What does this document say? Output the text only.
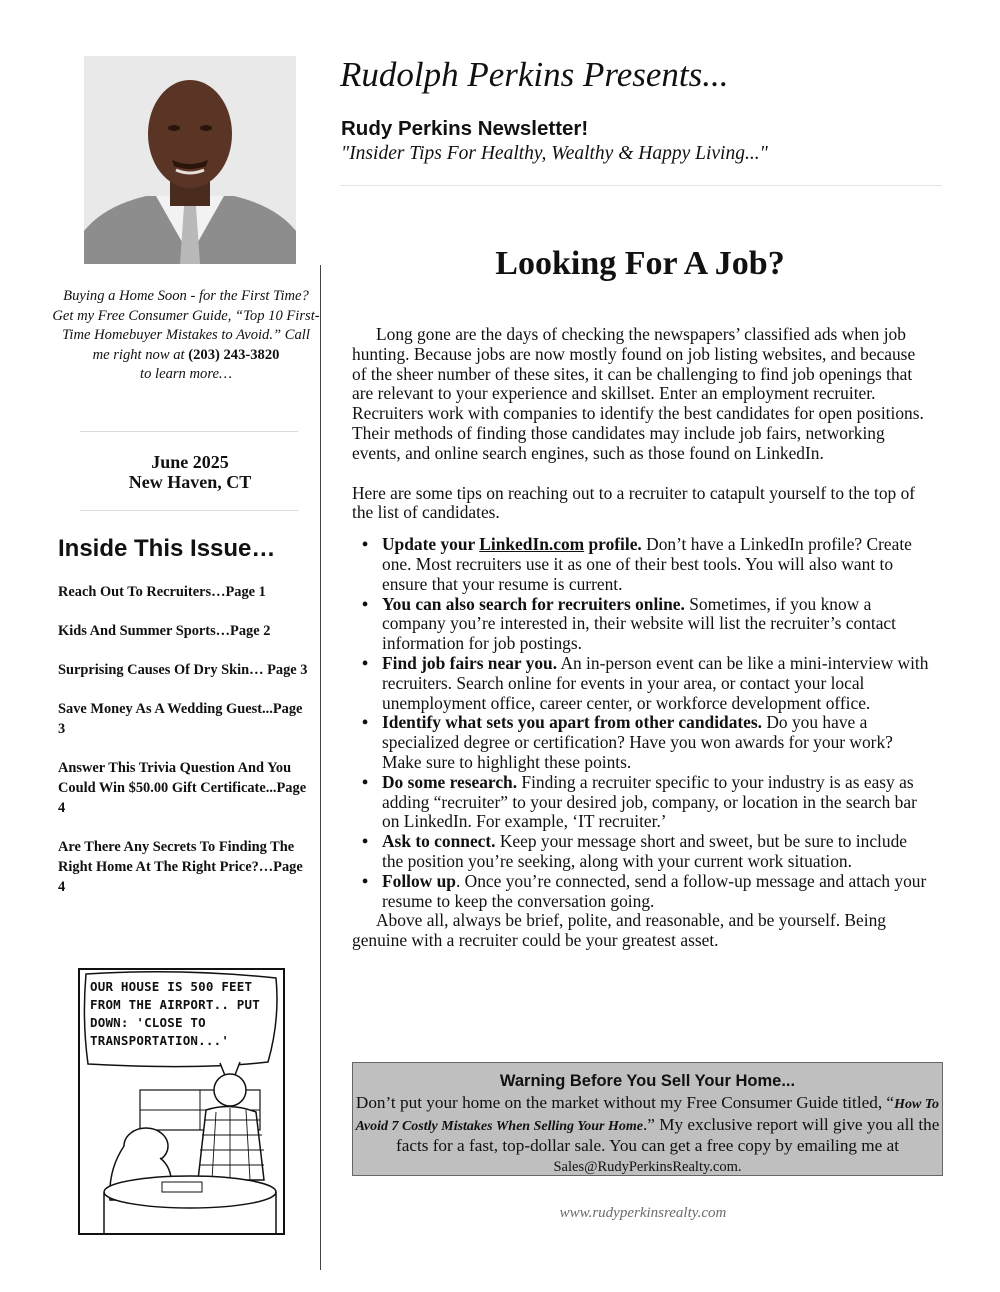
Buying a Home Soon - for the First Time? Get my Free Consumer Guide, “Top 10 First-Time Homebuyer Mistakes to Avoid.” Call me right now at (203) 243-3820
to learn more…
June 2025
New Haven, CT
Inside This Issue…
Reach Out To Recruiters…Page 1
Kids And Summer Sports…Page 2
Surprising Causes Of Dry Skin… Page 3
Save Money As A Wedding Guest...Page 3
Answer This Trivia Question And You Could Win $50.00 Gift Certificate...Page 4
Are There Any Secrets To Finding The Right Home At The Right Price?…Page 4
OUR HOUSE IS 500 FEET FROM THE AIRPORT.. PUT DOWN: 'CLOSE TO TRANSPORTATION...'
Rudolph Perkins Presents...
Rudy Perkins Newsletter!
"Insider Tips For Healthy, Wealthy & Happy Living..."
Looking For A Job?

Long gone are the days of checking the newspapers’ classified ads when job hunting. Because jobs are now mostly found on job listing websites, and because of the sheer number of these sites, it can be challenging to find job openings that are relevant to your experience and skillset. Enter an employment recruiter. Recruiters work with companies to identify the best candidates for open positions. Their methods of finding those candidates may include job fairs, networking events, and online search engines, such as those found on LinkedIn.

Here are some tips on reaching out to a recruiter to catapult yourself to the top of the list of candidates.

• Update your LinkedIn.com profile. Don’t have a LinkedIn profile? Create one. Most recruiters use it as one of their best tools. You will also want to ensure that your resume is current.
• You can also search for recruiters online. Sometimes, if you know a company you’re interested in, their website will list the recruiter’s contact information for job postings.
• Find job fairs near you. An in-person event can be like a mini-interview with recruiters. Search online for events in your area, or contact your local unemployment office, career center, or workforce development office.
• Identify what sets you apart from other candidates. Do you have a specialized degree or certification? Have you won awards for your work? Make sure to highlight these points.
• Do some research. Finding a recruiter specific to your industry is as easy as adding “recruiter” to your desired job, company, or location in the search bar on LinkedIn. For example, ‘IT recruiter.’
• Ask to connect. Keep your message short and sweet, but be sure to include the position you’re seeking, along with your current work situation.
• Follow up. Once you’re connected, send a follow-up message and attach your resume to keep the conversation going.

Above all, always be brief, polite, and reasonable, and be yourself. Being genuine with a recruiter could be your greatest asset.

Warning Before You Sell Your Home...
Don’t put your home on the market without my Free Consumer Guide titled, “How To Avoid 7 Costly Mistakes When Selling Your Home.” My exclusive report will give you all the facts for a fast, top-dollar sale. You can get a free copy by emailing me at Sales@RudyPerkinsRealty.com.
www.rudyperkinsrealty.com
